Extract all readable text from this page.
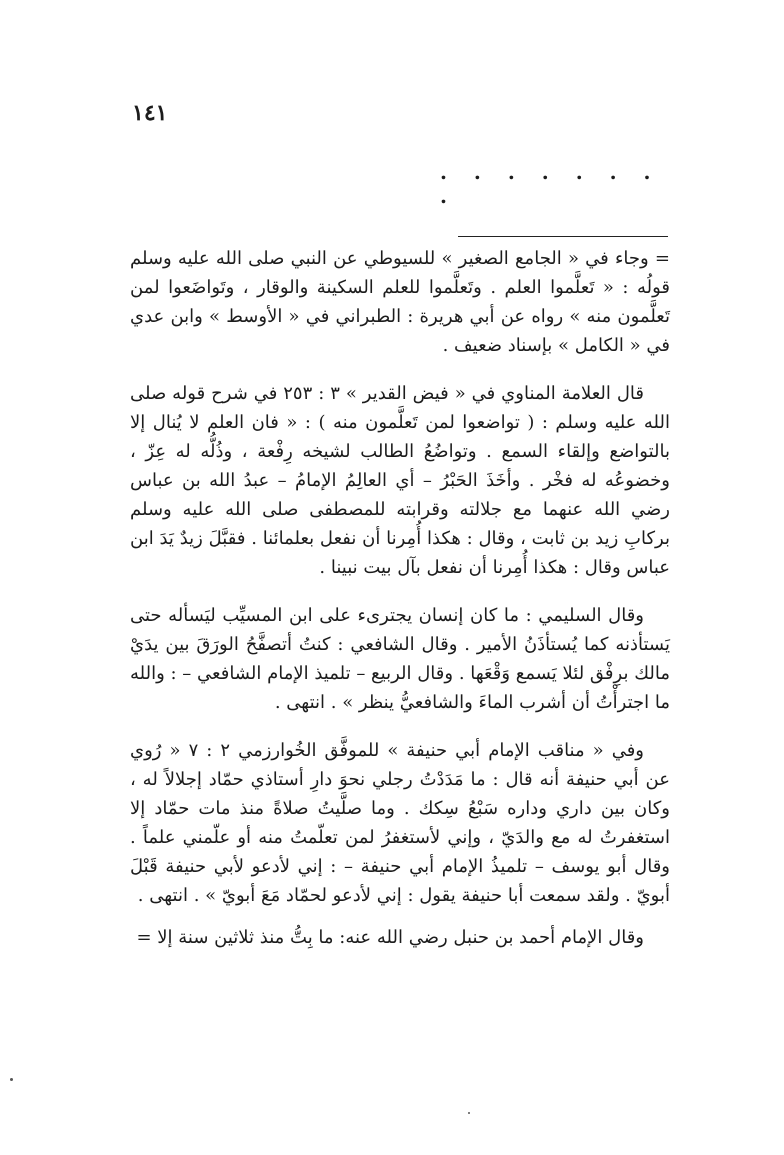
١٤١
. . . . . . . .

= وجاء في « الجامع الصغير » للسيوطي عن النبي صلى الله عليه وسلم قولُه : « تَعلَّموا العلم . وتَعلَّموا للعلم السكينة والوقار ، وتَواضَعوا لمن تَعلَّمون منه » رواه عن أبي هريرة : الطبراني في « الأوسط » وابن عدي في « الكامل » بإسناد ضعيف .

قال العلامة المناوي في « فيض القدير » ٣ : ٢٥٣ في شرح قوله صلى الله عليه وسلم : ( تواضعوا لمن تَعلَّمون منه ) : « فان العلم لا يُنال إلا بالتواضع وإلقاء السمع . وتواضُعُ الطالب لشيخه رِفْعة ، وذُلُّه له عِزّ ، وخضوعُه له فخْر . وأخَذَ الحَبْرُ – أي العالِمُ الإمامُ – عبدُ الله بن عباس رضي الله عنهما مع جلالته وقرابته للمصطفى صلى الله عليه وسلم بركابِ زيد بن ثابت ، وقال : هكذا أُمِرنا أن نفعل بعلمائنا . فقبَّلَ زيدٌ يَدَ ابن عباس وقال : هكذا أُمِرنا أن نفعل بآل بيت نبينا .

وقال السليمي : ما كان إنسان يجترىء على ابن المسيِّب ليَسأله حتى يَستأذنه كما يُستأذَنُ الأمير . وقال الشافعي : كنتُ أتصفَّحُ الورَقَ بين يدَيْ مالك برِفْق لئلا يَسمع وَقْعَها . وقال الربيع – تلميذ الإمام الشافعي – : والله ما اجترأْتُ أن أشرب الماءَ والشافعيُّ ينظر » . انتهى .

وفي « مناقب الإمام أبي حنيفة » للموفَّق الخُوارزمي ٢ : ٧ « رُوي عن أبي حنيفة أنه قال : ما مَدَدْتُ رجلي نحوَ دارِ أستاذي حمّاد إجلالاً له ، وكان بين داري وداره سَبْعُ سِكك . وما صلَّيتُ صلاةً منذ مات حمّاد إلا استغفرتُ له مع والدَيّ ، وإني لأستغفرُ لمن تعلّمتُ منه أو علّمني علماً . وقال أبو يوسف – تلميذُ الإمام أبي حنيفة – : إني لأدعو لأبي حنيفة قَبْلَ أبويّ . ولقد سمعت أبا حنيفة يقول : إني لأدعو لحمّاد مَعَ أبويّ » . انتهى .

وقال الإمام أحمد بن حنبل رضي الله عنه: ما بِتُّ منذ ثلاثين سنة إلا =
